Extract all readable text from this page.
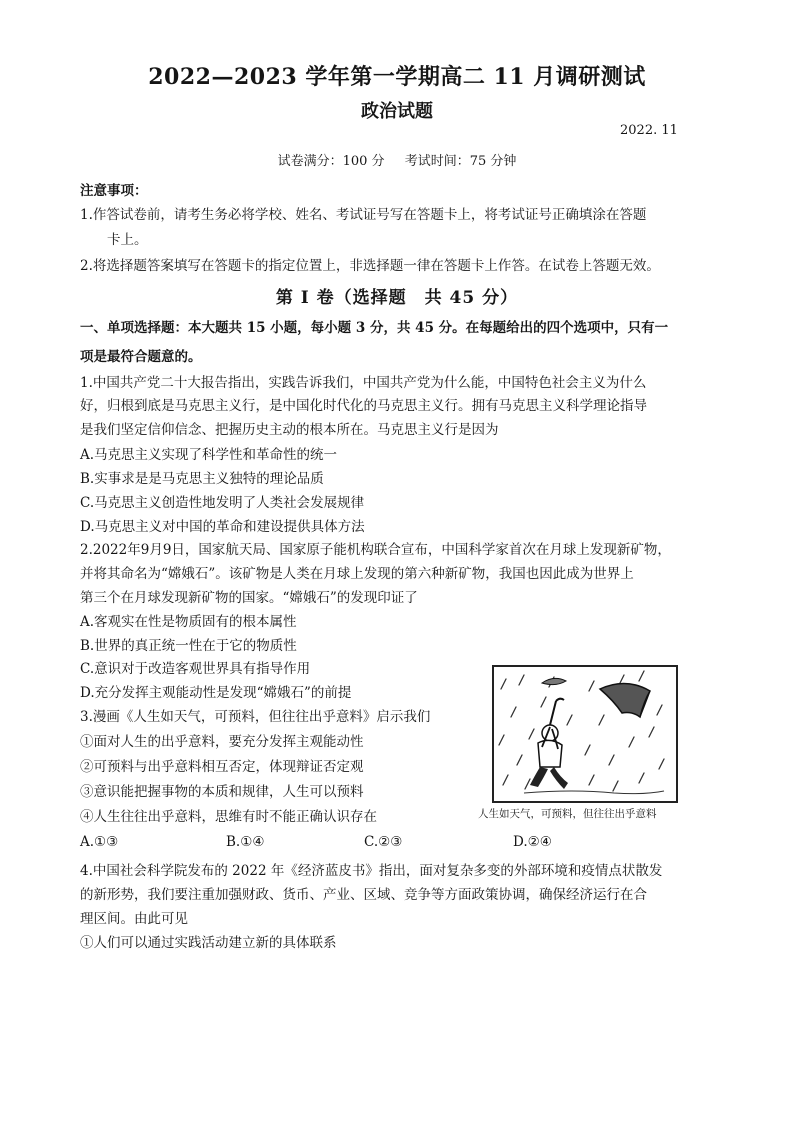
2022—2023 学年第一学期高二 11 月调研测试
政治试题
2022. 11
试卷满分：100 分 考试时间：75 分钟
注意事项：
1.作答试卷前，请考生务必将学校、姓名、考试证号写在答题卡上，将考试证号正确填涂在答题
卡上。
2.将选择题答案填写在答题卡的指定位置上，非选择题一律在答题卡上作答。在试卷上答题无效。
第 Ⅰ 卷（选择题　共 45 分）
一、单项选择题：本大题共 15 小题，每小题 3 分，共 45 分。在每题给出的四个选项中，只有一
项是最符合题意的。
1.中国共产党二十大报告指出，实践告诉我们，中国共产党为什么能，中国特色社会主义为什么
好，归根到底是马克思主义行，是中国化时代化的马克思主义行。拥有马克思主义科学理论指导
是我们坚定信仰信念、把握历史主动的根本所在。马克思主义行是因为
A.马克思主义实现了科学性和革命性的统一
B.实事求是是马克思主义独特的理论品质
C.马克思主义创造性地发明了人类社会发展规律
D.马克思主义对中国的革命和建设提供具体方法
2.2022年9月9日，国家航天局、国家原子能机构联合宣布，中国科学家首次在月球上发现新矿物，
并将其命名为“嫦娥石”。该矿物是人类在月球上发现的第六种新矿物，我国也因此成为世界上
第三个在月球发现新矿物的国家。“嫦娥石”的发现印证了
A.客观实在性是物质固有的根本属性
B.世界的真正统一性在于它的物质性
C.意识对于改造客观世界具有指导作用
D.充分发挥主观能动性是发现“嫦娥石”的前提
3.漫画《人生如天气，可预料，但往往出乎意料》启示我们
①面对人生的出乎意料，要充分发挥主观能动性
②可预料与出乎意料相互否定，体现辩证否定观
③意识能把握事物的本质和规律，人生可以预料
④人生往往出乎意料，思维有时不能正确认识存在
A.①③	B.①④	C.②③	D.②④
人生如天气，可预料，但往往出乎意料
4.中国社会科学院发布的 2022 年《经济蓝皮书》指出，面对复杂多变的外部环境和疫情点状散发
的新形势，我们要注重加强财政、货币、产业、区域、竞争等方面政策协调，确保经济运行在合
理区间。由此可见
①人们可以通过实践活动建立新的具体联系
